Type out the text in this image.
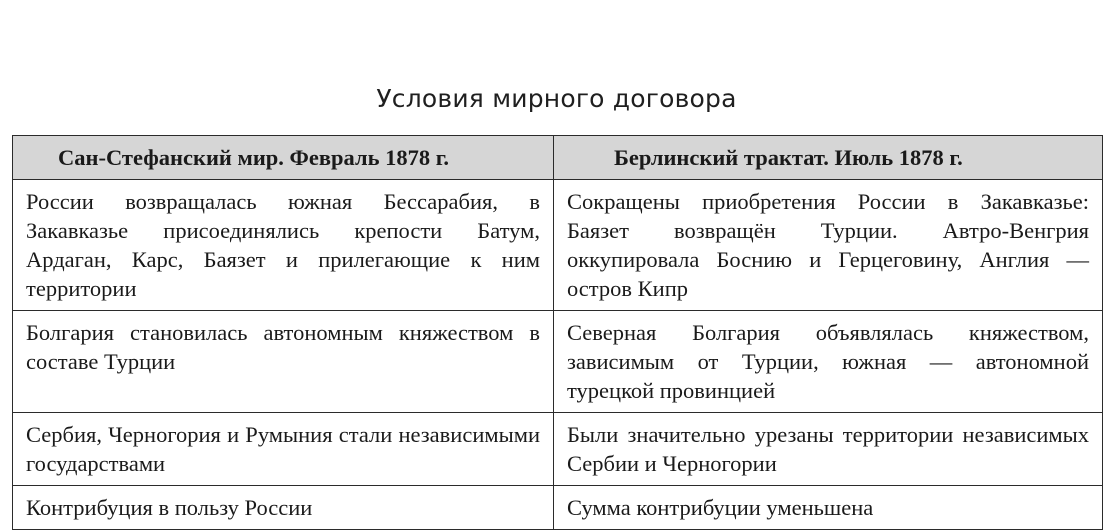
Условия мирного договора
Сан-Стефанский мир. Февраль 1878 г.	Берлинский трактат. Июль 1878 г.
России возвращалась южная Бессарабия, в Закавказье присоединялись крепости Батум, Ардаган, Карс, Баязет и прилегающие к ним территории	Сокращены приобретения России в Закавказье: Баязет возвращён Турции. Автро-Венгрия оккупировала Боснию и Герцеговину, Англия — остров Кипр
Болгария становилась автономным княжеством в составе Турции	Северная Болгария объявлялась княжеством, зависимым от Турции, южная — автономной турецкой провинцией
Сербия, Черногория и Румыния стали независимыми государствами	Были значительно урезаны территории независимых Сербии и Черногории
Контрибуция в пользу России	Сумма контрибуции уменьшена
